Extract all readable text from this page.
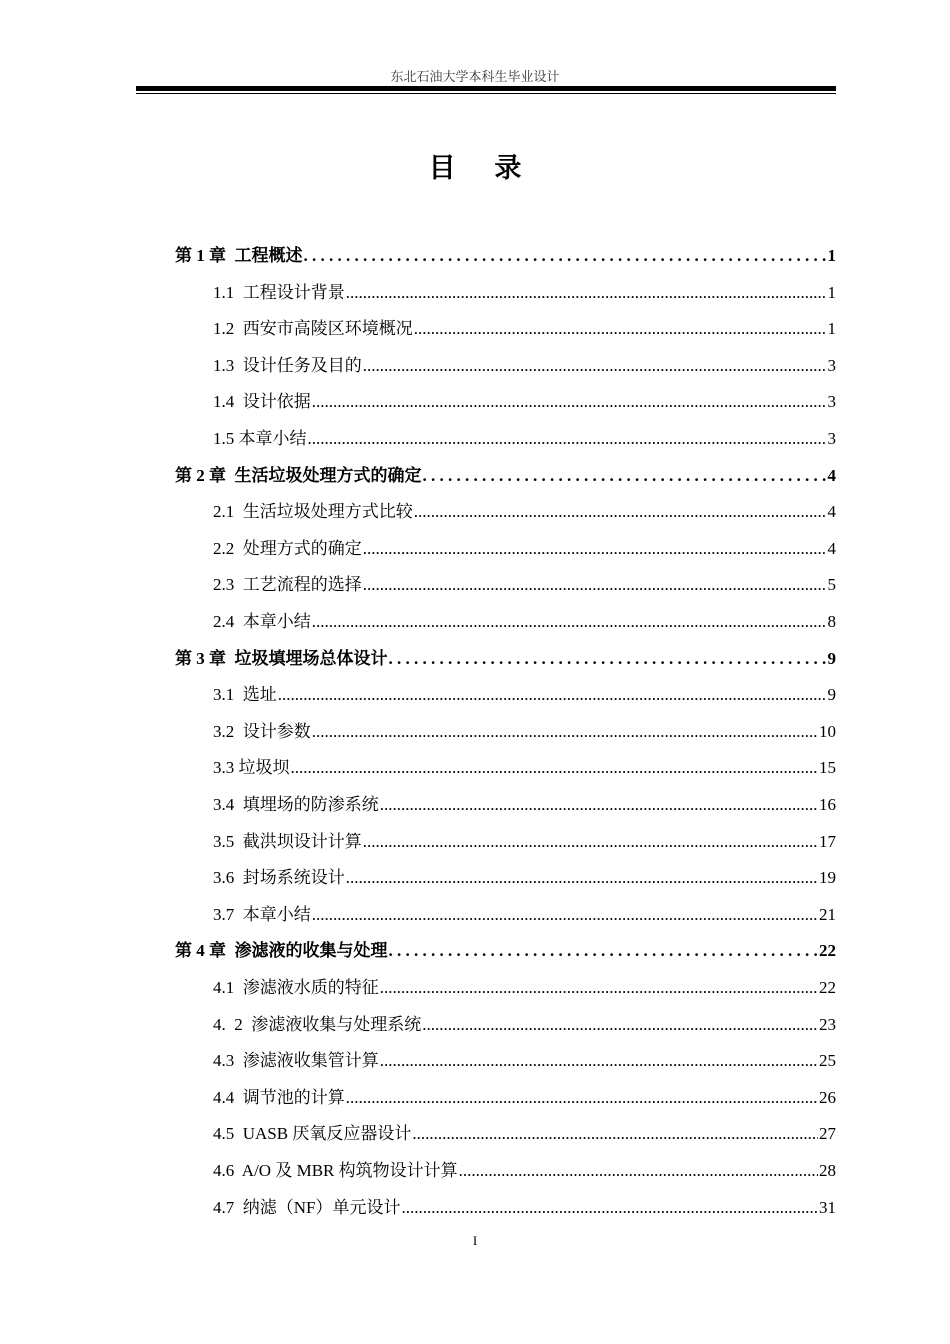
东北石油大学本科生毕业设计
目 录
第 1 章  工程概述 . . .	1
1.1  工程设计背景 .....	1
1.2  西安市高陵区环境概况 .....	1
1.3  设计任务及目的 .....	3
1.4  设计依据 .....	3
1.5 本章小结 .....	3
第 2 章  生活垃圾处理方式的确定 . . .	4
2.1  生活垃圾处理方式比较 .....	4
2.2  处理方式的确定 .....	4
2.3  工艺流程的选择 .....	5
2.4  本章小结 .....	8
第 3 章  垃圾填埋场总体设计 . . .	9
3.1  选址 .....	9
3.2  设计参数 .....	10
3.3 垃圾坝 .....	15
3.4  填埋场的防渗系统 .....	16
3.5  截洪坝设计计算 .....	17
3.6  封场系统设计 .....	19
3.7  本章小结 .....	21
第 4 章  渗滤液的收集与处理 . . .	22
4.1  渗滤液水质的特征 .....	22
4.  2  渗滤液收集与处理系统 .....	23
4.3  渗滤液收集管计算 .....	25
4.4  调节池的计算 .....	26
4.5  UASB 厌氧反应器设计 .....	27
4.6  A/O 及 MBR 构筑物设计计算 .....	28
4.7  纳滤（NF）单元设计 .....	31
I
